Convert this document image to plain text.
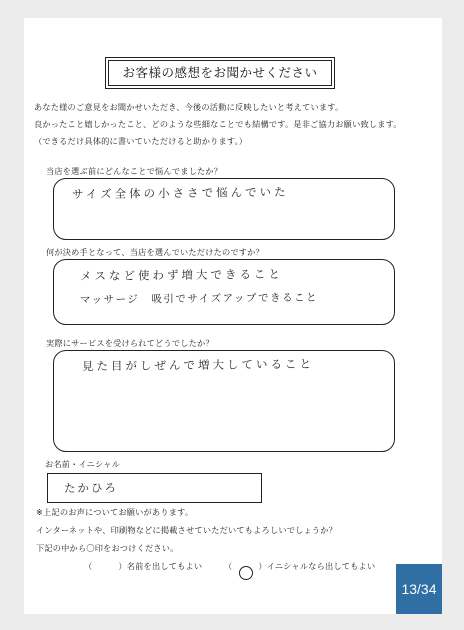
お客様の感想をお聞かせください
あなた様のご意見をお聞かせいただき、今後の活動に反映したいと考えています。
良かったこと嬉しかったこと、どのような些細なことでも結構です。是非ご協力お願い致します。
（できるだけ具体的に書いていただけると助かります。）
当店を選ぶ前にどんなことで悩んでましたか？
サイズ全体の小ささで悩んでいた
何が決め手となって、当店を選んでいただけたのですか？
メスなど使わず増大できること
マッサージ　吸引でサイズアップできること
実際にサービスを受けられてどうでしたか？
見た目がしぜんで増大していること
お名前・イニシャル
たかひろ
※上記のお声についてお願いがあります。
インターネットや、印刷物などに掲載させていただいてもよろしいでしょうか？
下記の中から〇印をおつけください。
（	）名前を出してもよい	（	）イニシャルなら出してもよい
13/34
